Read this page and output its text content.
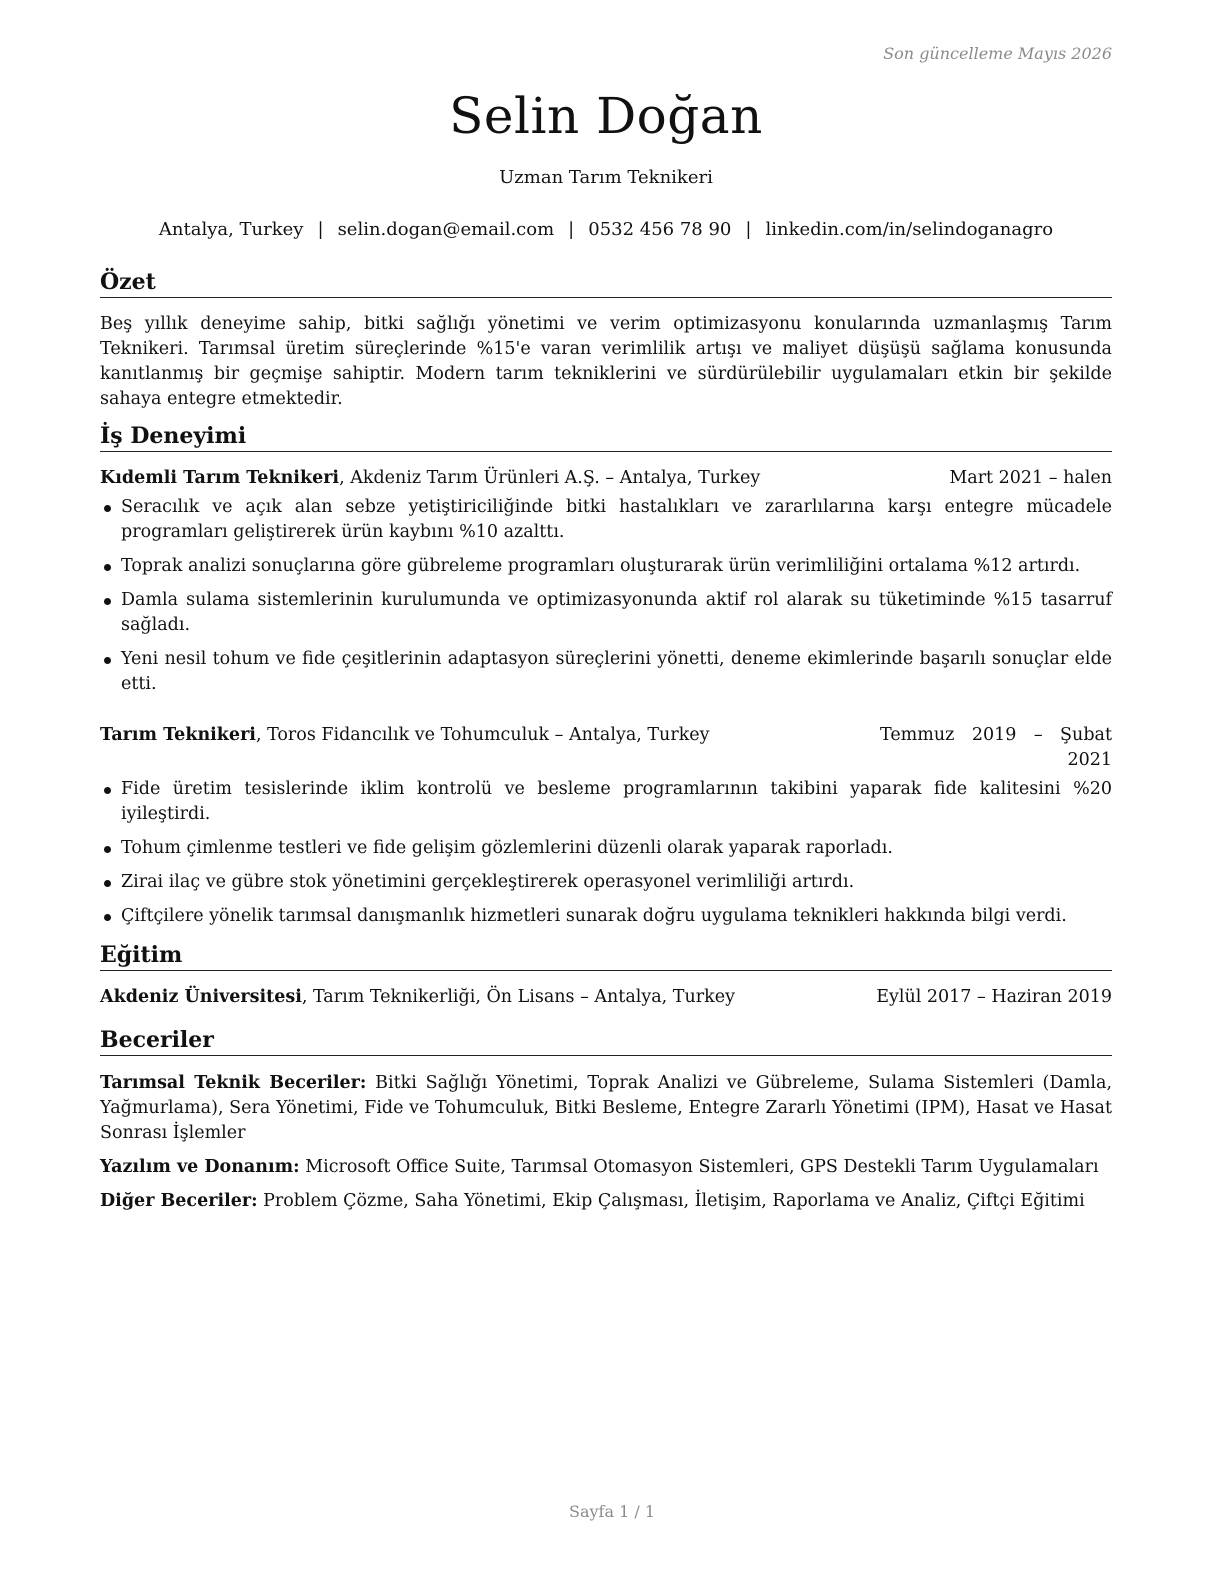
Son güncelleme Mayıs 2026
Selin Doğan
Uzman Tarım Teknikeri
Antalya, Turkey | selin.dogan@email.com | 0532 456 78 90 | linkedin.com/in/selindoganagro
Özet
Beş yıllık deneyime sahip, bitki sağlığı yönetimi ve verim optimizasyonu konularında uzmanlaşmış Tarım Teknikeri. Tarımsal üretim süreçlerinde %15'e varan verimlilik artışı ve maliyet düşüşü sağlama konusunda kanıtlanmış bir geçmişe sahiptir. Modern tarım tekniklerini ve sürdürülebilir uygulamaları etkin bir şekilde sahaya entegre etmektedir.
İş Deneyimi
Kıdemli Tarım Teknikeri, Akdeniz Tarım Ürünleri A.Ş. – Antalya, Turkey	Mart 2021 – halen
Seracılık ve açık alan sebze yetiştiriciliğinde bitki hastalıkları ve zararlılarına karşı entegre mücadele programları geliştirerek ürün kaybını %10 azalttı.
Toprak analizi sonuçlarına göre gübreleme programları oluşturarak ürün verimliliğini ortalama %12 artırdı.
Damla sulama sistemlerinin kurulumunda ve optimizasyonunda aktif rol alarak su tüketiminde %15 tasarruf sağladı.
Yeni nesil tohum ve fide çeşitlerinin adaptasyon süreçlerini yönetti, deneme ekimlerinde başarılı sonuçlar elde etti.
Tarım Teknikeri, Toros Fidancılık ve Tohumculuk – Antalya, Turkey	Temmuz 2019 – Şubat 2021
Fide üretim tesislerinde iklim kontrolü ve besleme programlarının takibini yaparak fide kalitesini %20 iyileştirdi.
Tohum çimlenme testleri ve fide gelişim gözlemlerini düzenli olarak yaparak raporladı.
Zirai ilaç ve gübre stok yönetimini gerçekleştirerek operasyonel verimliliği artırdı.
Çiftçilere yönelik tarımsal danışmanlık hizmetleri sunarak doğru uygulama teknikleri hakkında bilgi verdi.
Eğitim
Akdeniz Üniversitesi, Tarım Teknikerliği, Ön Lisans – Antalya, Turkey	Eylül 2017 – Haziran 2019
Beceriler
Tarımsal Teknik Beceriler: Bitki Sağlığı Yönetimi, Toprak Analizi ve Gübreleme, Sulama Sistemleri (Damla, Yağmurlama), Sera Yönetimi, Fide ve Tohumculuk, Bitki Besleme, Entegre Zararlı Yönetimi (IPM), Hasat ve Hasat Sonrası İşlemler
Yazılım ve Donanım: Microsoft Office Suite, Tarımsal Otomasyon Sistemleri, GPS Destekli Tarım Uygulamaları
Diğer Beceriler: Problem Çözme, Saha Yönetimi, Ekip Çalışması, İletişim, Raporlama ve Analiz, Çiftçi Eğitimi
Sayfa 1 / 1
